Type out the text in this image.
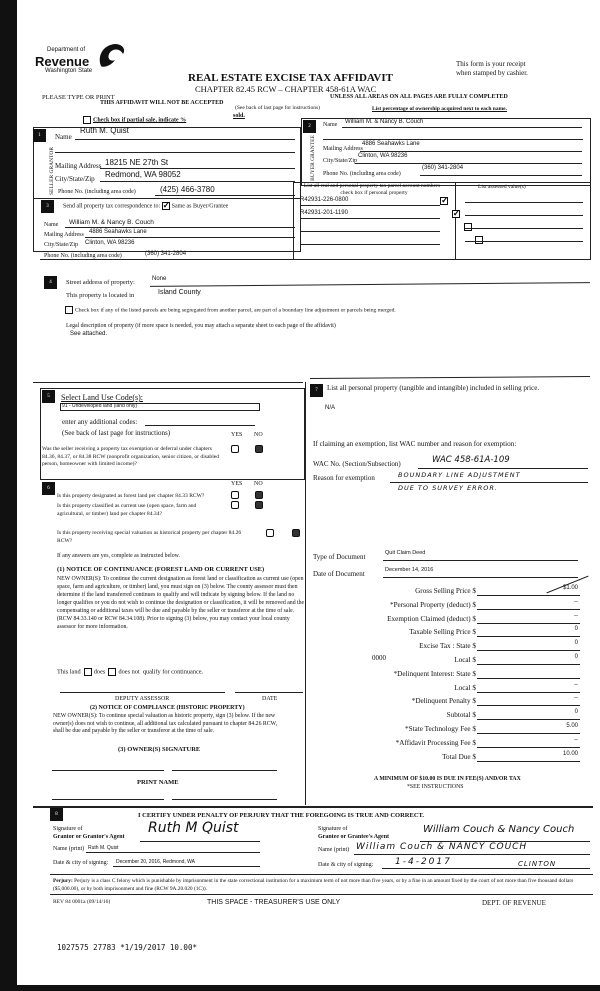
Department of
Revenue
Washington State
REAL ESTATE EXCISE TAX AFFIDAVIT
CHAPTER 82.45 RCW – CHAPTER 458-61A WAC
UNLESS ALL AREAS ON ALL PAGES ARE FULLY COMPLETED
This form is your receipt
when stamped by cashier.
PLEASE TYPE OR PRINT
THIS AFFIDAVIT WILL NOT BE ACCEPTED
(See back of last page for instructions)	List percentage of ownership acquired next to each name.
Check box if partial sale, indicate %
sold.
1
SELLER GRANTOR
Name
Ruth M. Quist
Mailing Address 18215 NE 27th St
City/State/Zip Redmond, WA 98052
Phone No. (including area code)	(425) 466-3780
3	Send all property tax correspondence to: ✓ Same as Buyer/Grantee
Name William M. & Nancy B. Couch
Mailing Address 4886 Seahawks Lane
City/State/Zip Clinton, WA 98236
Phone No. (including area code)	(360) 341-2804
2
BUYER GRANTEE
Name William M. & Nancy B. Couch
Mailing Address
4886 Seahawks Lane
City/State/Zip
Clinton, WA 98236
Phone No. (including area code)
(360) 341-2804
List all real and personal property tax parcel account numbers – check box if personal property
List assessed value(s)
R42931-226-0800
✓
R42931-201-1190
✓

4	Street address of property:	None
This property is located in	Island County
Check box if any of the listed parcels are being segregated from another parcel, are part of a boundary line adjustment or parcels being merged.
Legal description of property (if more space is needed, you may attach a separate sheet to each page of the affidavit)
See attached.
5	Select Land Use Code(s):
91 - Undeveloped land (land only)
enter any additional codes:
(See back of last page for instructions)	YES NO
Was the seller receiving a property tax exemption or deferral under chapters 84.36, 84.37, or 84.38 RCW (nonprofit organization, senior citizen, or disabled person, homeowner with limited income)?
6
YES NO
Is this property designated as forest land per chapter 84.33 RCW?
Is this property classified as current use (open space, farm and agricultural, or timber) land per chapter 84.34?
Is this property receiving special valuation as historical property per chapter 84.26 RCW?
If any answers are yes, complete as instructed below.
(1) NOTICE OF CONTINUANCE (FOREST LAND OR CURRENT USE)
NEW OWNER(S): To continue the current designation as forest land or classification as current use (open space, farm and agriculture, or timber) land, you must sign on (3) below. The county assessor must then determine if the land transferred continues to qualify and will indicate by signing below. If the land no longer qualifies or you do not wish to continue the designation or classification, it will be removed and the compensating or additional taxes will be due and payable by the seller or transferor at the time of sale. (RCW 84.33.140 or RCW 84.34.108). Prior to signing (3) below, you may contact your local county assessor for more information.
This land does does not qualify for continuance.
DEPUTY ASSESSOR	DATE
(2) NOTICE OF COMPLIANCE (HISTORIC PROPERTY)
NEW OWNER(S): To continue special valuation as historic property, sign (3) below. If the new owner(s) does not wish to continue, all additional tax calculated pursuant to chapter 84.26 RCW, shall be due and payable by the seller or transferor at the time of sale.
(3) OWNER(S) SIGNATURE
PRINT NAME
7	List all personal property (tangible and intangible) included in selling price.
N/A
If claiming an exemption, list WAC number and reason for exemption:
WAC No. (Section/Subsection)	WAC 458-61A-109
Reason for exemption	BOUNDARY LINE ADJUSTMENT
DUE TO SURVEY ERROR.
Type of Document	Quit Claim Deed
Date of Document	December 14, 2016
Gross Selling Price $	$1.00
*Personal Property (deduct) $	--
Exemption Claimed (deduct) $	--
Taxable Selling Price $	0
Excise Tax : State $	0
Local $
0000	0
*Delinquent Interest: State $
Local $	--
*Delinquent Penalty $	--
Subtotal $	0
*State Technology Fee $	5.00
*Affidavit Processing Fee $	--
Total Due $	10.00
A MINIMUM OF $10.00 IS DUE IN FEE(S) AND/OR TAX
*SEE INSTRUCTIONS
8	I CERTIFY UNDER PENALTY OF PERJURY THAT THE FOREGOING IS TRUE AND CORRECT.
Signature of
Grantor or Grantor's Agent
Ruth M Quist
Name (print) Ruth M. Quist
Date & city of signing: December 20, 2016, Redmond, WA
Signature of
Grantee or Grantee's Agent
William Couch & Nancy Couch
Name (print) William Couch & NANCY COUCH
Date & city of signing: 1-4-2017	CLINTON
Perjury: Perjury is a class C felony which is punishable by imprisonment in the state correctional institution for a maximum term of not more than five years, or by a fine in an amount fixed by the court of not more than five thousand dollars ($5,000.00), or by both imprisonment and fine (RCW 9A.20.020 (1C)).
REV 84 0001a (09/14/16)	THIS SPACE - TREASURER'S USE ONLY	DEPT. OF REVENUE
1027575 27783 *1/19/2017 10.00*
